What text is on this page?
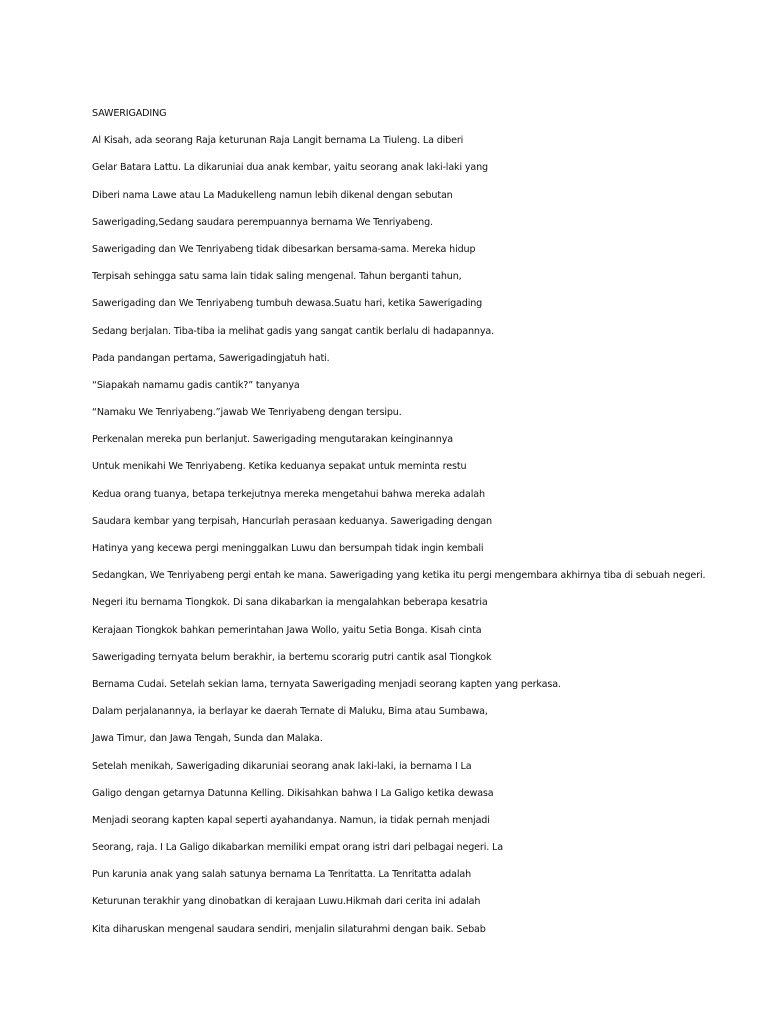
SAWERIGADING
Al Kisah, ada seorang Raja keturunan Raja Langit bernama La Tiuleng. La diberi
Gelar Batara Lattu. La dikaruniai dua anak kembar, yaitu seorang anak laki-laki yang
Diberi nama Lawe atau La Madukelleng namun lebih dikenal dengan sebutan
Sawerigading,Sedang saudara perempuannya bernama We Tenriyabeng.
Sawerigading dan We Tenriyabeng tidak dibesarkan bersama-sama. Mereka hidup
Terpisah sehingga satu sama lain tidak saling mengenal. Tahun berganti tahun,
Sawerigading dan We Tenriyabeng tumbuh dewasa.Suatu hari, ketika Sawerigading
Sedang berjalan. Tiba-tiba ia melihat gadis yang sangat cantik berlalu di hadapannya.
Pada pandangan pertama, Sawerigadingjatuh hati.
“Siapakah namamu gadis cantik?” tanyanya
“Namaku We Tenriyabeng.”jawab We Tenriyabeng dengan tersipu.
Perkenalan mereka pun berlanjut. Sawerigading mengutarakan keinginannya
Untuk menikahi We Tenriyabeng. Ketika keduanya sepakat untuk meminta restu
Kedua orang tuanya, betapa terkejutnya mereka mengetahui bahwa mereka adalah
Saudara kembar yang terpisah, Hancurlah perasaan keduanya. Sawerigading dengan
Hatinya yang kecewa pergi meninggalkan Luwu dan bersumpah tidak ingin kembali
Sedangkan, We Tenriyabeng pergi entah ke mana. Sawerigading yang ketika itu pergi mengembara akhirnya tiba di sebuah negeri.
Negeri itu bernama Tiongkok. Di sana dikabarkan ia mengalahkan beberapa kesatria
Kerajaan Tiongkok bahkan pemerintahan Jawa Wollo, yaitu Setia Bonga. Kisah cinta
Sawerigading ternyata belum berakhir, ia bertemu scorarig putri cantik asal Tiongkok
Bernama Cudai. Setelah sekian lama, ternyata Sawerigading menjadi seorang kapten yang perkasa.
Dalam perjalanannya, ia berlayar ke daerah Ternate di Maluku, Bima atau Sumbawa,
Jawa Timur, dan Jawa Tengah, Sunda dan Malaka.
Setelah menikah, Sawerigading dikaruniai seorang anak laki-laki, ia bernama I La
Galigo dengan getarnya Datunna Kelling. Dikisahkan bahwa I La Galigo ketika dewasa
Menjadi seorang kapten kapal seperti ayahandanya. Namun, ia tidak pernah menjadi
Seorang, raja. I La Galigo dikabarkan memiliki empat orang istri dari pelbagai negeri. La
Pun karunia anak yang salah satunya bernama La Tenritatta. La Tenritatta adalah
Keturunan terakhir yang dinobatkan di kerajaan Luwu.Hikmah dari cerita ini adalah
Kita diharuskan mengenal saudara sendiri, menjalin silaturahmi dengan baik. Sebab
